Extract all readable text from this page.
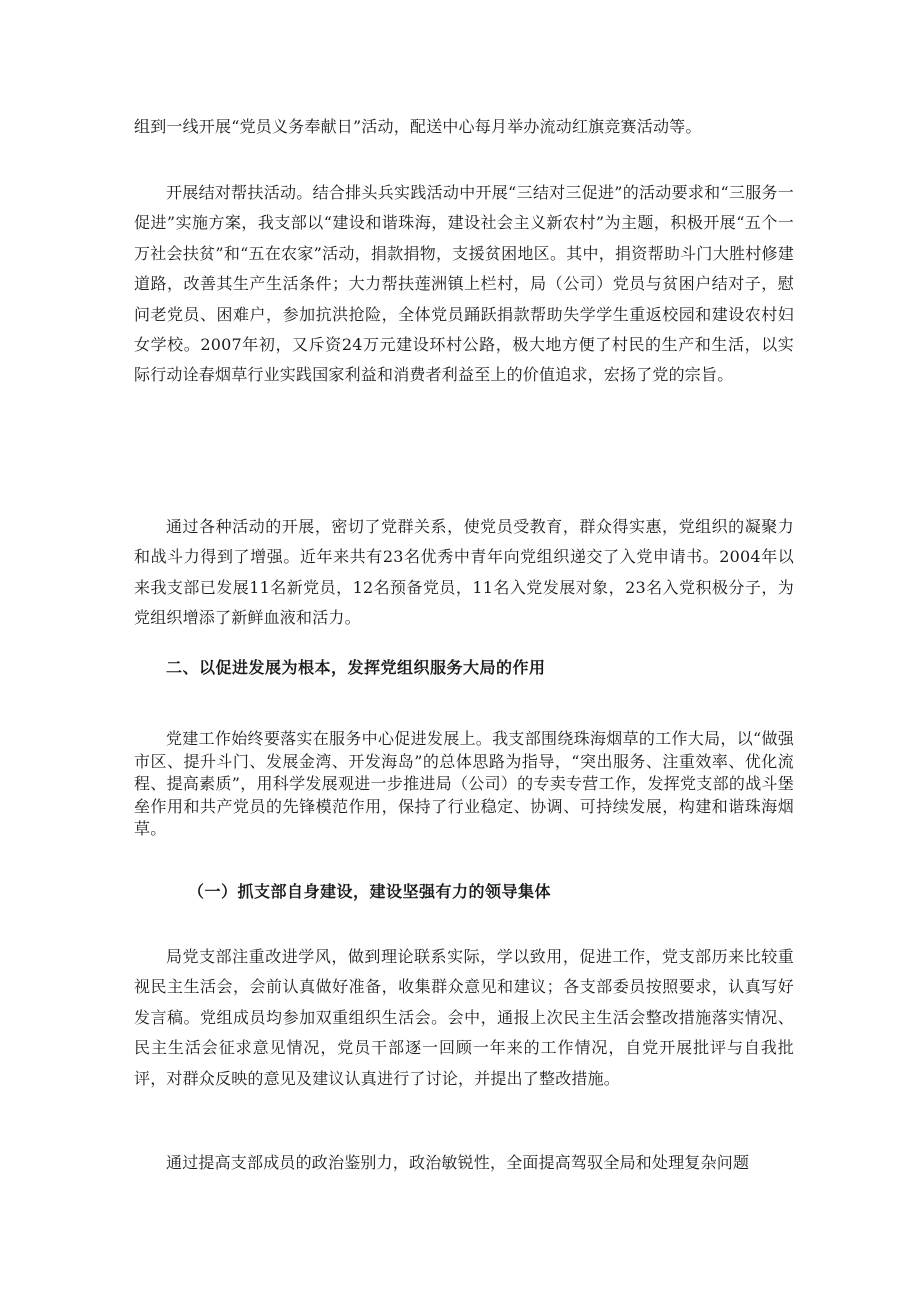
组到一线开展“党员义务奉献日”活动，配送中心每月举办流动红旗竞赛活动等。

开展结对帮扶活动。结合排头兵实践活动中开展“三结对三促进”的活动要求和“三服务一促进”实施方案，我支部以“建设和谐珠海，建设社会主义新农村”为主题，积极开展“五个一万社会扶贫”和“五在农家”活动，捐款捐物，支援贫困地区。其中，捐资帮助斗门大胜村修建道路，改善其生产生活条件；大力帮扶莲洲镇上栏村，局（公司）党员与贫困户结对子，慰问老党员、困难户，参加抗洪抢险，全体党员踊跃捐款帮助失学学生重返校园和建设农村妇女学校。2007年初，又斥资24万元建设环村公路，极大地方便了村民的生产和生活，以实际行动诠春烟草行业实践国家利益和消费者利益至上的价值追求，宏扬了党的宗旨。

通过各种活动的开展，密切了党群关系，使党员受教育，群众得实惠，党组织的凝聚力和战斗力得到了增强。近年来共有23名优秀中青年向党组织递交了入党申请书。2004年以来我支部已发展11名新党员，12名预备党员，11名入党发展对象，23名入党积极分子，为党组织增添了新鲜血液和活力。

二、以促进发展为根本，发挥党组织服务大局的作用

党建工作始终要落实在服务中心促进发展上。我支部围绕珠海烟草的工作大局，以“做强市区、提升斗门、发展金湾、开发海岛”的总体思路为指导，“突出服务、注重效率、优化流程、提高素质”，用科学发展观进一步推进局（公司）的专卖专营工作，发挥党支部的战斗堡垒作用和共产党员的先锋模范作用，保持了行业稳定、协调、可持续发展，构建和谐珠海烟草。

（一）抓支部自身建设，建设坚强有力的领导集体

局党支部注重改进学风，做到理论联系实际，学以致用，促进工作，党支部历来比较重视民主生活会，会前认真做好准备，收集群众意见和建议；各支部委员按照要求，认真写好发言稿。党组成员均参加双重组织生活会。会中，通报上次民主生活会整改措施落实情况、民主生活会征求意见情况，党员干部逐一回顾一年来的工作情况，自党开展批评与自我批评，对群众反映的意见及建议认真进行了讨论，并提出了整改措施。

通过提高支部成员的政治鉴别力，政治敏锐性，全面提高驾驭全局和处理复杂问题
